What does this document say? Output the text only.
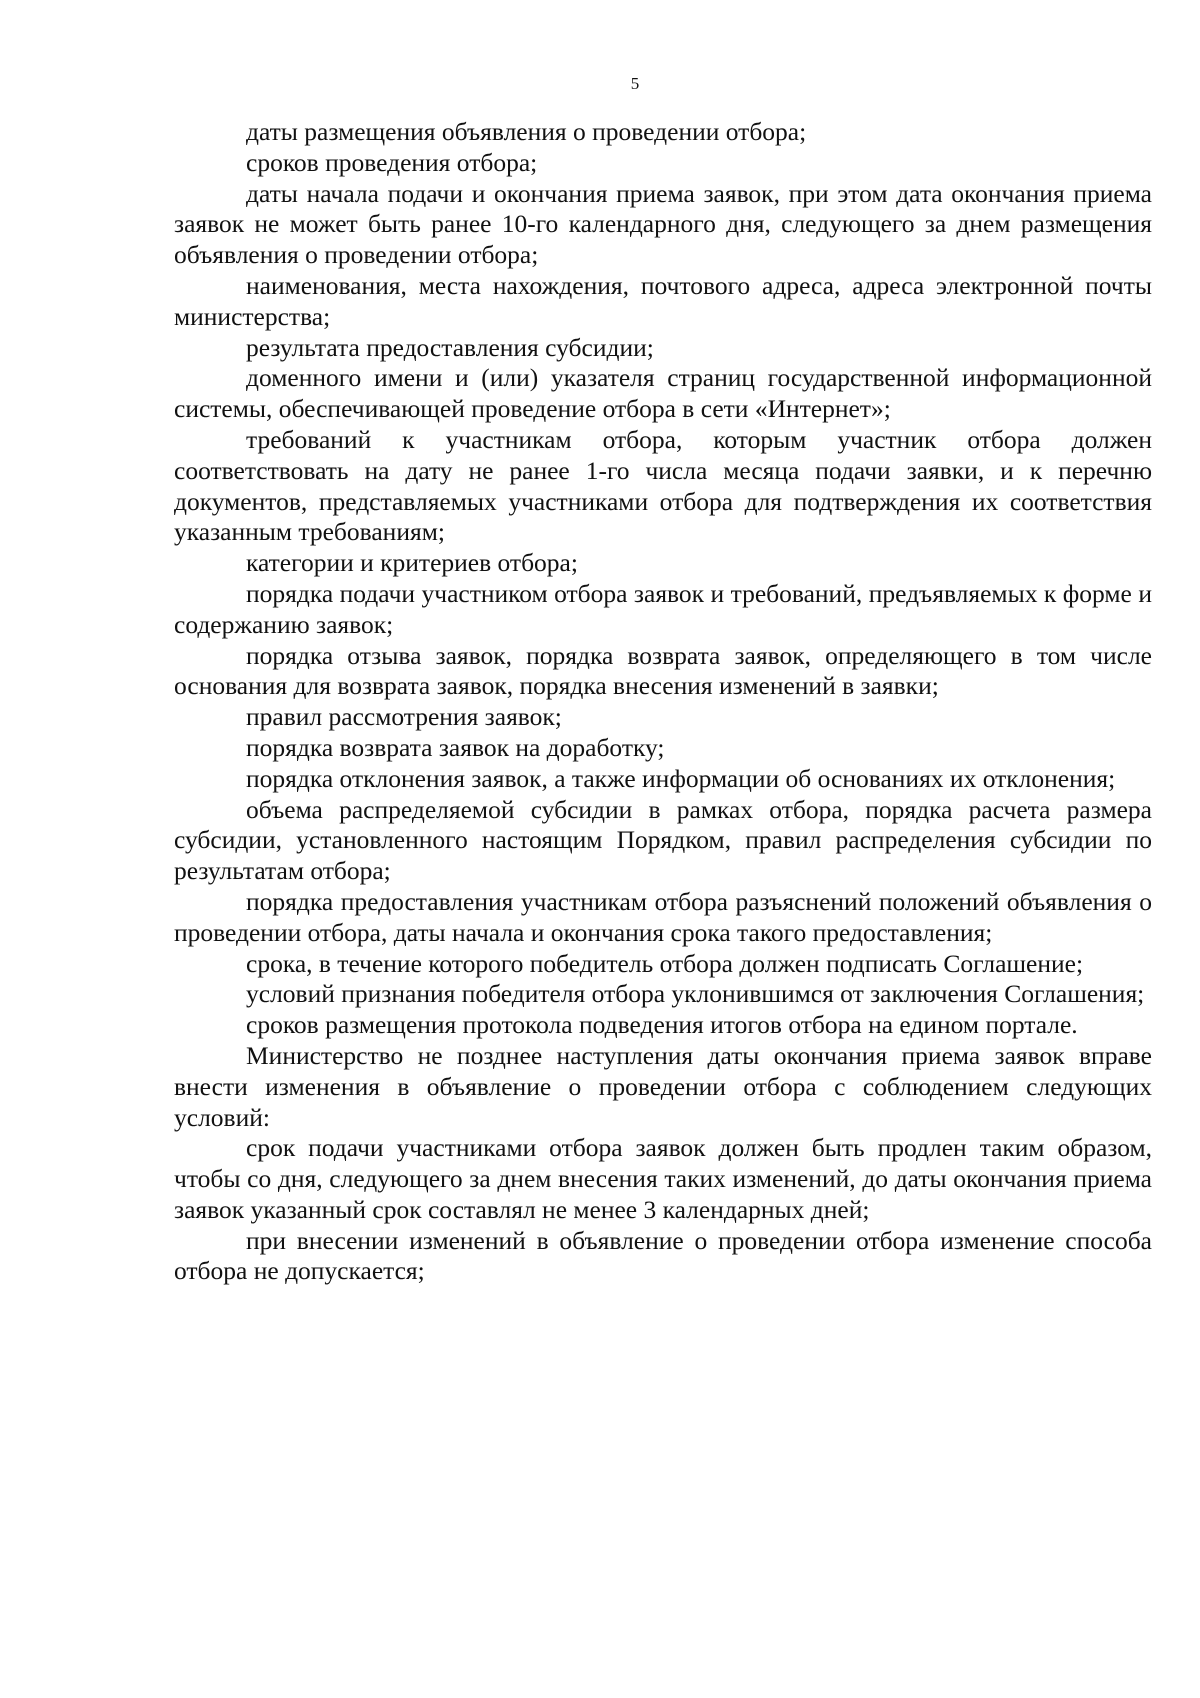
5

даты размещения объявления о проведении отбора;

сроков проведения отбора;

даты начала подачи и окончания приема заявок, при этом дата окончания приема заявок не может быть ранее 10-го календарного дня, следующего за днем размещения объявления о проведении отбора;

наименования, места нахождения, почтового адреса, адреса электронной почты министерства;

результата предоставления субсидии;

доменного имени и (или) указателя страниц государственной информационной системы, обеспечивающей проведение отбора в сети «Интернет»;

требований к участникам отбора, которым участник отбора должен соответствовать на дату не ранее 1-го числа месяца подачи заявки, и к перечню документов, представляемых участниками отбора для подтверждения их соответствия указанным требованиям;

категории и критериев отбора;

порядка подачи участником отбора заявок и требований, предъявляемых к форме и содержанию заявок;

порядка отзыва заявок, порядка возврата заявок, определяющего в том числе основания для возврата заявок, порядка внесения изменений в заявки;

правил рассмотрения заявок;

порядка возврата заявок на доработку;

порядка отклонения заявок, а также информации об основаниях их отклонения;

объема распределяемой субсидии в рамках отбора, порядка расчета размера субсидии, установленного настоящим Порядком, правил распределения субсидии по результатам отбора;

порядка предоставления участникам отбора разъяснений положений объявления о проведении отбора, даты начала и окончания срока такого предоставления;

срока, в течение которого победитель отбора должен подписать Соглашение;

условий признания победителя отбора уклонившимся от заключения Соглашения;

сроков размещения протокола подведения итогов отбора на едином портале.

Министерство не позднее наступления даты окончания приема заявок вправе внести изменения в объявление о проведении отбора с соблюдением следующих условий:

срок подачи участниками отбора заявок должен быть продлен таким образом, чтобы со дня, следующего за днем внесения таких изменений, до даты окончания приема заявок указанный срок составлял не менее 3 календарных дней;

при внесении изменений в объявление о проведении отбора изменение способа отбора не допускается;
